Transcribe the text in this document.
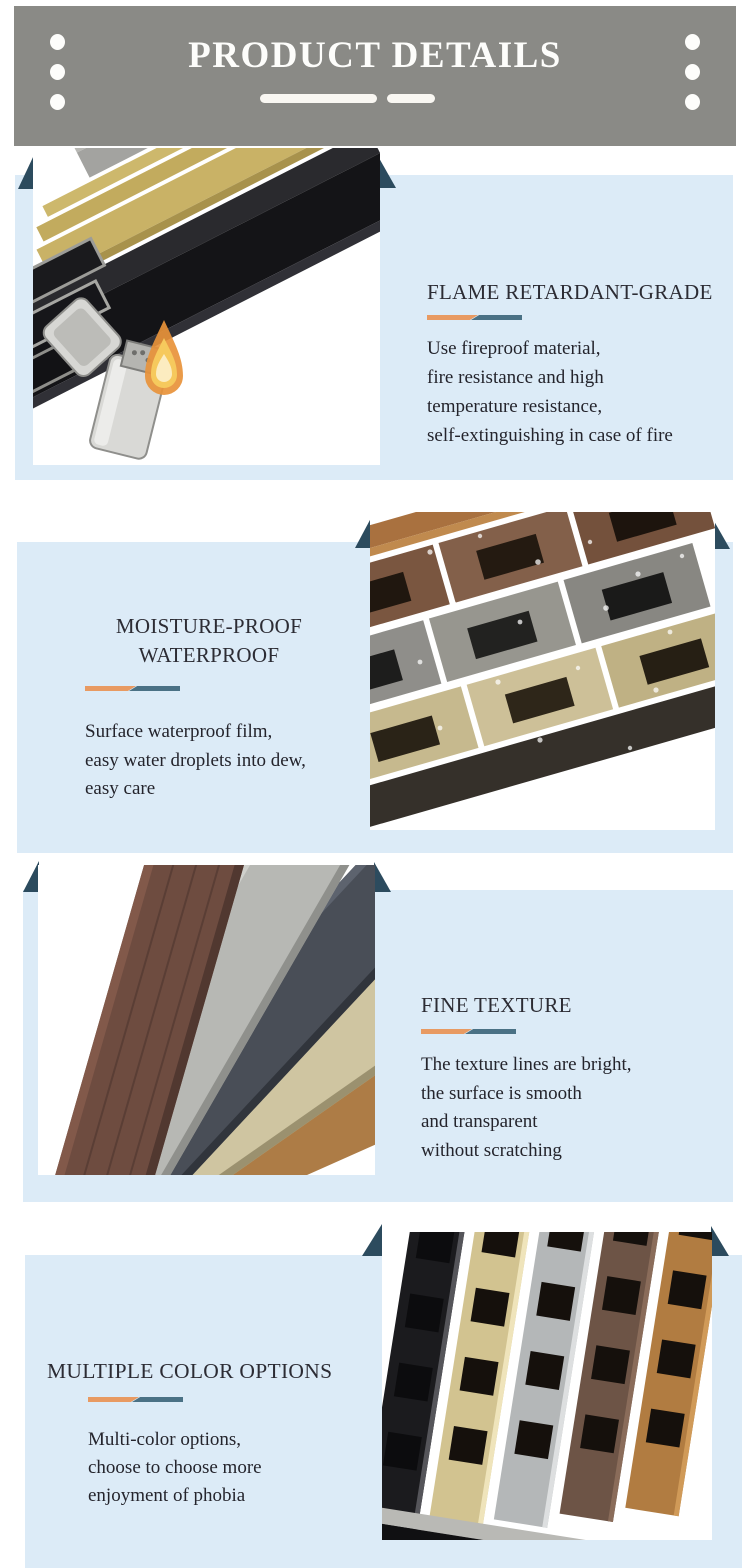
PRODUCT DETAILS
FLAME RETARDANT-GRADE
Use fireproof material,
fire resistance and high
temperature resistance,
self-extinguishing in case of fire
MOISTURE-PROOF
WATERPROOF
Surface waterproof film,
easy water droplets into dew,
easy care
FINE TEXTURE
The texture lines are bright,
the surface is smooth
and transparent
without scratching
MULTIPLE COLOR OPTIONS
Multi-color options,
choose to choose more
enjoyment of phobia
